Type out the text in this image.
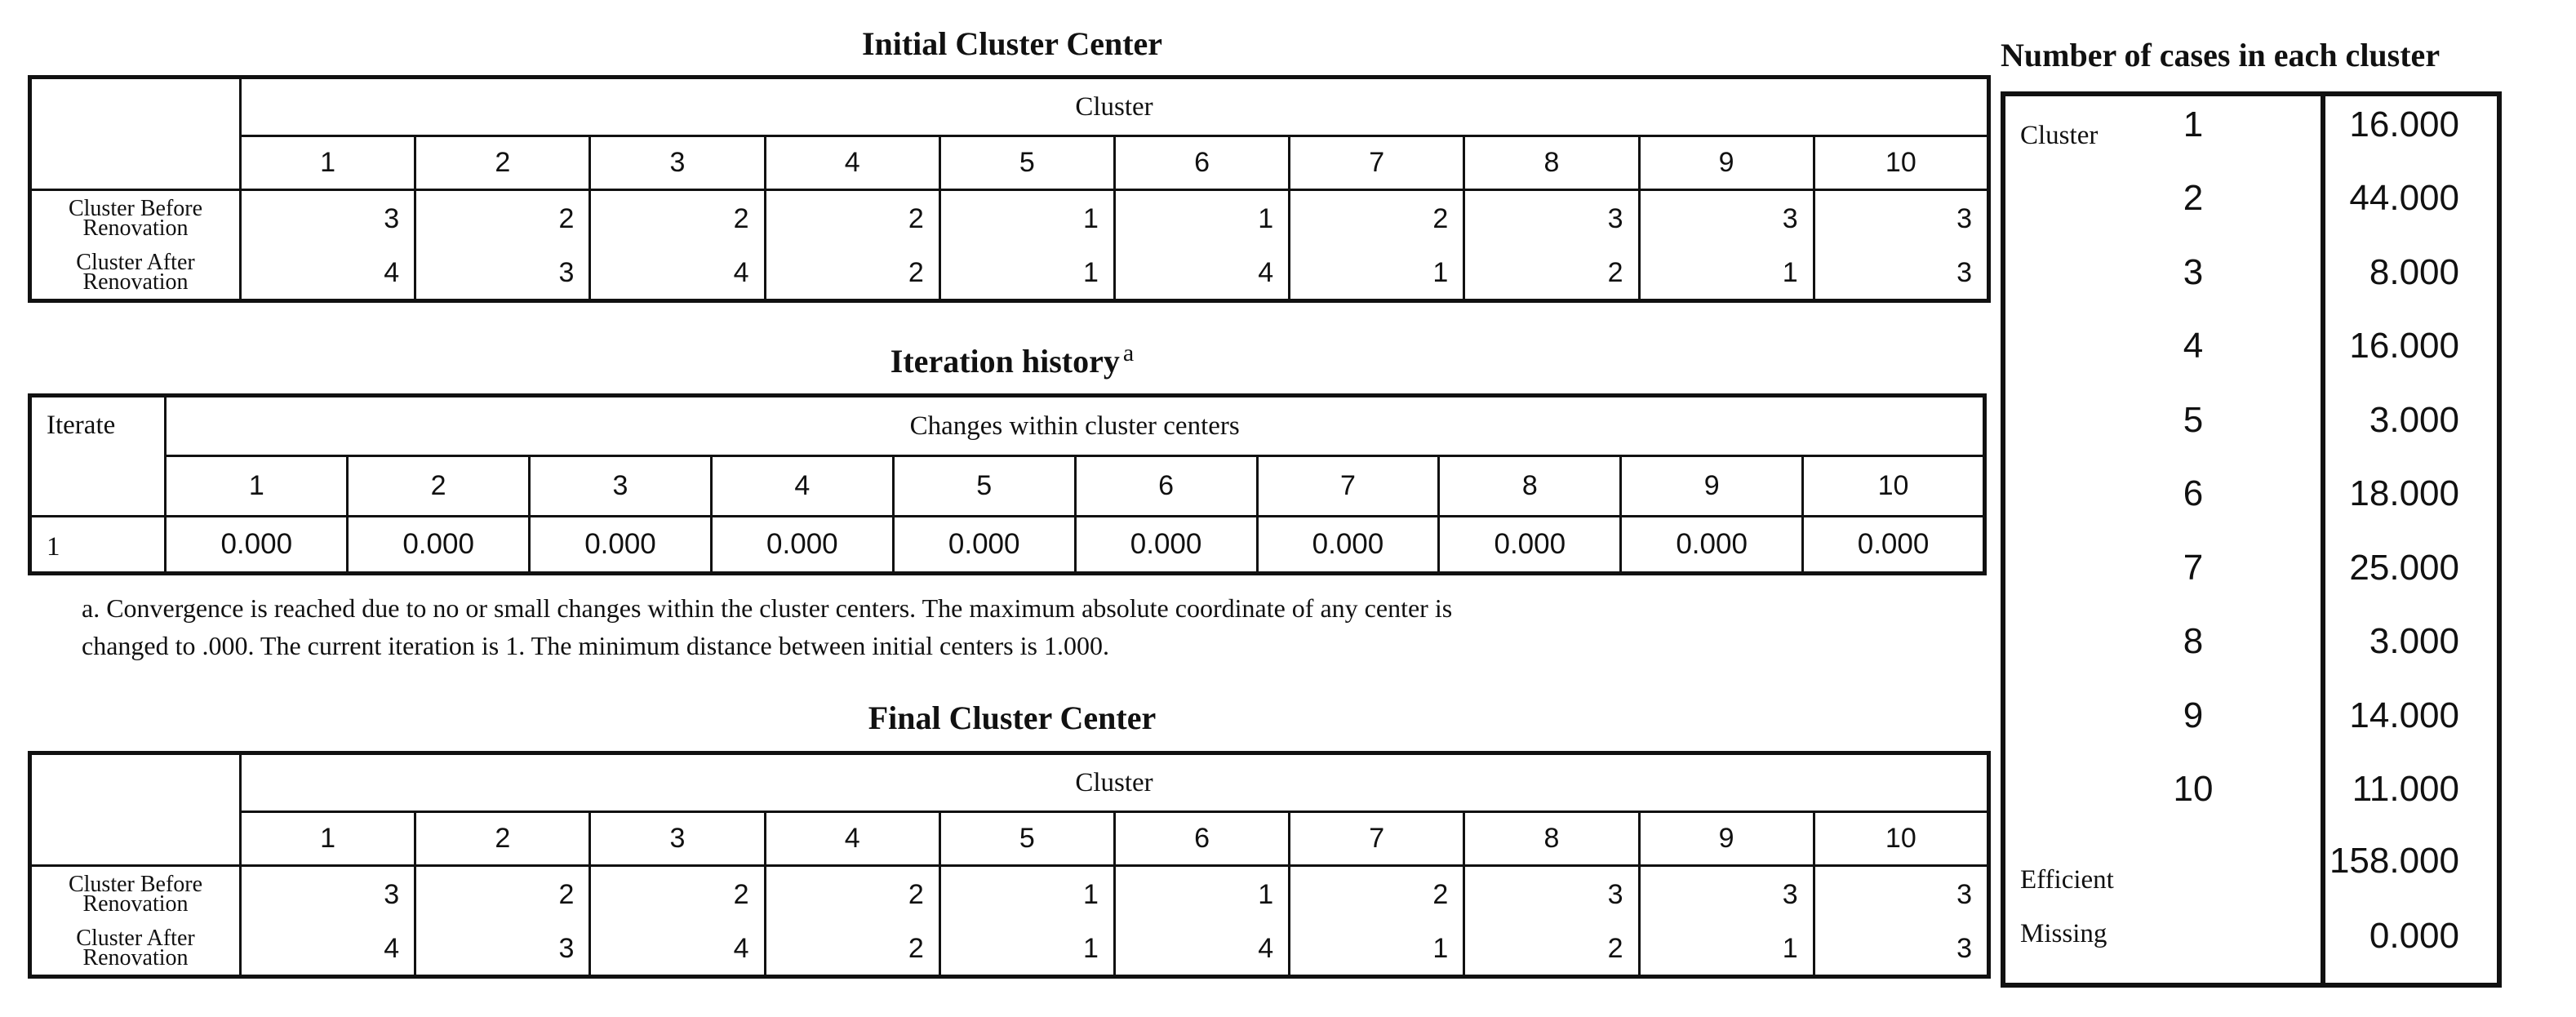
Initial Cluster Center
	Cluster									
	1	2	3	4	5	6	7	8	9	10
Cluster Before
Renovation	3	2	2	2	1	1	2	3	3	3
Cluster After
Renovation	4	3	4	2	1	4	1	2	1	3
Iteration history $^a$
Iterate	Changes within cluster centers									
	1	2	3	4	5	6	7	8	9	10
1	0.000	0.000	0.000	0.000	0.000	0.000	0.000	0.000	0.000	0.000
a. Convergence is reached due to no or small changes within the cluster centers. The maximum absolute coordinate of any center is
changed to .000. The current iteration is 1. The minimum distance between initial centers is 1.000.
Final Cluster Center
	Cluster									
	1	2	3	4	5	6	7	8	9	10
Cluster Before
Renovation	3	2	2	2	1	1	2	3	3	3
Cluster After
Renovation	4	3	4	2	1	4	1	2	1	3
Number of cases in each cluster
Cluster	1	16.000
2	44.000
3	8.000
4	16.000
5	3.000
6	18.000
7	25.000
8	3.000
9	14.000
10	11.000
Efficient	158.000
Missing	0.000
